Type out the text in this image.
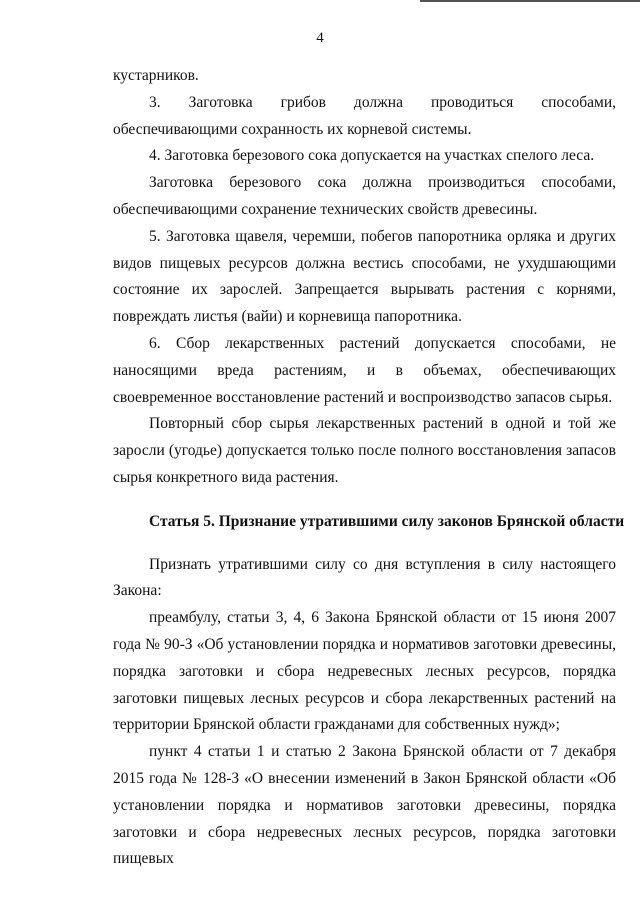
4

кустарников.

3. Заготовка грибов должна проводиться способами, обеспечивающими сохранность их корневой системы.

4. Заготовка березового сока допускается на участках спелого леса.

Заготовка березового сока должна производиться способами, обеспечивающими сохранение технических свойств древесины.

5. Заготовка щавеля, черемши, побегов папоротника орляка и других видов пищевых ресурсов должна вестись способами, не ухудшающими состояние их зарослей. Запрещается вырывать растения с корнями, повреждать листья (вайи) и корневища папоротника.

6. Сбор лекарственных растений допускается способами, не наносящими вреда растениям, и в объемах, обеспечивающих своевременное восстановление растений и воспроизводство запасов сырья.

Повторный сбор сырья лекарственных растений в одной и той же заросли (угодье) допускается только после полного восстановления запасов сырья конкретного вида растения.

Статья 5. Признание утратившими силу законов Брянской области

Признать утратившими силу со дня вступления в силу настоящего Закона:

преамбулу, статьи 3, 4, 6 Закона Брянской области от 15 июня 2007 года № 90-З «Об установлении порядка и нормативов заготовки древесины, порядка заготовки и сбора недревесных лесных ресурсов, порядка заготовки пищевых лесных ресурсов и сбора лекарственных растений на территории Брянской области гражданами для собственных нужд»;

пункт 4 статьи 1 и статью 2 Закона Брянской области от 7 декабря 2015 года № 128-З «О внесении изменений в Закон Брянской области «Об установлении порядка и нормативов заготовки древесины, порядка заготовки и сбора недревесных лесных ресурсов, порядка заготовки пищевых
